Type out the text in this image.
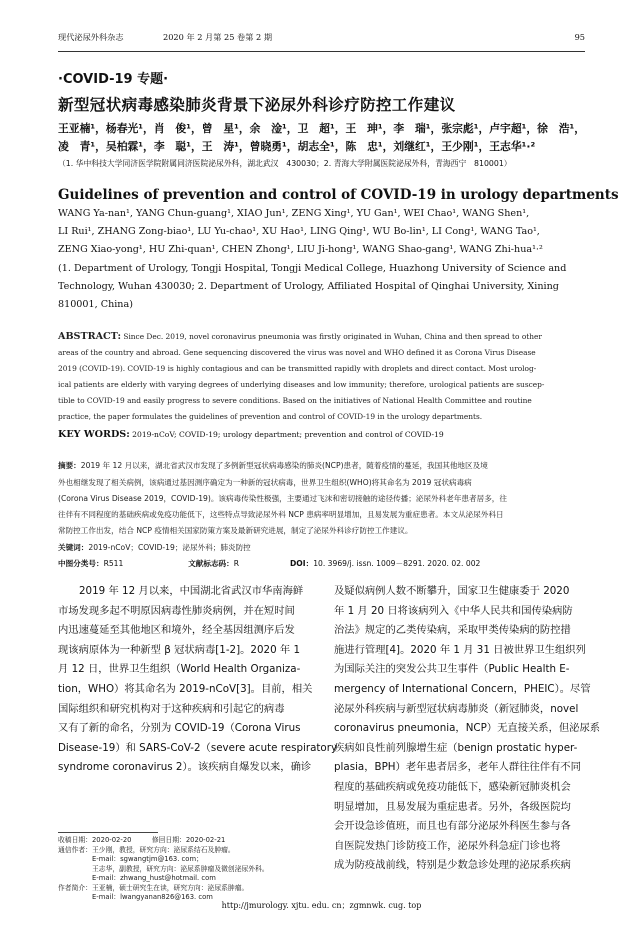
现代泌尿外科杂志	2020 年 2 月第 25 卷第 2 期	95
·COVID-19 专题·
新型冠状病毒感染肺炎背景下泌尿外科诊疗防控工作建议
王亚楠¹，杨春光¹，肖　俊¹，曾　星¹，余　淦¹，卫　超¹，王　珅¹，李　瑞¹，张宗彪¹，卢宇超¹，徐　浩¹，
凌　青¹，吴柏霖¹，李　聪¹，王　涛¹，曾晓勇¹，胡志全¹，陈　忠¹，刘继红¹，王少刚¹，王志华¹·²
（1. 华中科技大学同济医学院附属同济医院泌尿外科，湖北武汉　430030；2. 青海大学附属医院泌尿外科，青海西宁　810001）
Guidelines of prevention and control of COVID-19 in urology departments
WANG Ya-nan¹, YANG Chun-guang¹, XIAO Jun¹, ZENG Xing¹, YU Gan¹, WEI Chao¹, WANG Shen¹,
LI Rui¹, ZHANG Zong-biao¹, LU Yu-chao¹, XU Hao¹, LING Qing¹, WU Bo-lin¹, LI Cong¹, WANG Tao¹,
ZENG Xiao-yong¹, HU Zhi-quan¹, CHEN Zhong¹, LIU Ji-hong¹, WANG Shao-gang¹, WANG Zhi-hua¹·²
(1. Department of Urology, Tongji Hospital, Tongji Medical College, Huazhong University of Science and
Technology, Wuhan 430030; 2. Department of Urology, Affiliated Hospital of Qinghai University, Xining
810001, China)
ABSTRACT: Since Dec. 2019, novel coronavirus pneumonia was firstly originated in Wuhan, China and then spread to other
areas of the country and abroad. Gene sequencing discovered the virus was novel and WHO defined it as Corona Virus Disease
2019 (COVID-19). COVID-19 is highly contagious and can be transmitted rapidly with droplets and direct contact. Most urolog-
ical patients are elderly with varying degrees of underlying diseases and low immunity; therefore, urological patients are suscep-
tible to COVID-19 and easily progress to severe conditions. Based on the initiatives of National Health Committee and routine
practice, the paper formulates the guidelines of prevention and control of COVID-19 in the urology departments.
KEY WORDS: 2019-nCoV; COVID-19; urology department; prevention and control of COVID-19
摘要：2019 年 12 月以来，湖北省武汉市发现了多例新型冠状病毒感染的肺炎(NCP)患者，随着疫情的蔓延，我国其他地区及境
外也相继发现了相关病例，该病通过基因测序确定为一种新的冠状病毒，世界卫生组织(WHO)将其命名为 2019 冠状病毒病
(Corona Virus Disease 2019，COVID-19)。该病毒传染性极强，主要通过飞沫和密切接触的途径传播；泌尿外科老年患者居多，往
往伴有不同程度的基础疾病或免疫功能低下，这些特点导致泌尿外科 NCP 患病率明显增加，且易发展为重症患者。本文从泌尿外科日
常防控工作出发，结合 NCP 疫情相关国家防策方案及最新研究进展，制定了泌尿外科诊疗防控工作建议。
关键词：2019-nCoV；COVID-19；泌尿外科；肺炎防控
中图分类号：R511	文献标志码：R	DOI：10. 3969/j. issn. 1009－8291. 2020. 02. 002
2019 年 12 月以来，中国湖北省武汉市华南海鲜
市场发现多起不明原因病毒性肺炎病例，并在短时间
内迅速蔓延至其他地区和境外，经全基因组测序后发
现该病原体为一种新型 β 冠状病毒[1-2]。2020 年 1
月 12 日，世界卫生组织（World Health Organiza-
tion，WHO）将其命名为 2019-nCoV[3]。目前，相关
国际组织和研究机构对于这种疾病和引起它的病毒
又有了新的命名，分别为 COVID-19（Corona Virus
Disease-19）和 SARS-CoV-2（severe acute respiratory
syndrome coronavirus 2）。该疾病自爆发以来，确诊
及疑似病例人数不断攀升，国家卫生健康委于 2020
年 1 月 20 日将该病列入《中华人民共和国传染病防
治法》规定的乙类传染病，采取甲类传染病的防控措
施进行管理[4]。2020 年 1 月 31 日被世界卫生组织列
为国际关注的突发公共卫生事件（Public Health E-
mergency of International Concern，PHEIC）。尽管
泌尿外科疾病与新型冠状病毒肺炎（新冠肺炎，novel
coronavirus pneumonia，NCP）无直接关系，但泌尿系
疾病如良性前列腺增生症（benign prostatic hyper-
plasia，BPH）老年患者居多，老年人群往往伴有不同
程度的基础疾病或免疫功能低下，感染新冠肺炎机会
明显增加，且易发展为重症患者。另外，各级医院均
会开设急诊值班，而且也有部分泌尿外科医生参与各
自医院发热门诊防疫工作，泌尿外科急症门诊也将
成为防疫战前线，特别是少数急诊处理的泌尿系疾病
收稿日期：2020-02-20　　　修回日期：2020-02-21
通信作者：王少刚，教授，研究方向：泌尿系结石及肿瘤。
　　　　　E-mail：sgwangtjm@163. com；
　　　　　王志华，副教授，研究方向：泌尿系肿瘤及微创泌尿外科。
　　　　　E-mail：zhwang_hust@hotmail. com
作者简介：王亚楠，硕士研究生在读，研究方向：泌尿系肿瘤。
　　　　　E-mail：lwangyanan826@163. com
http://jmurology. xjtu. edu. cn；zgmnwk. cug. top
